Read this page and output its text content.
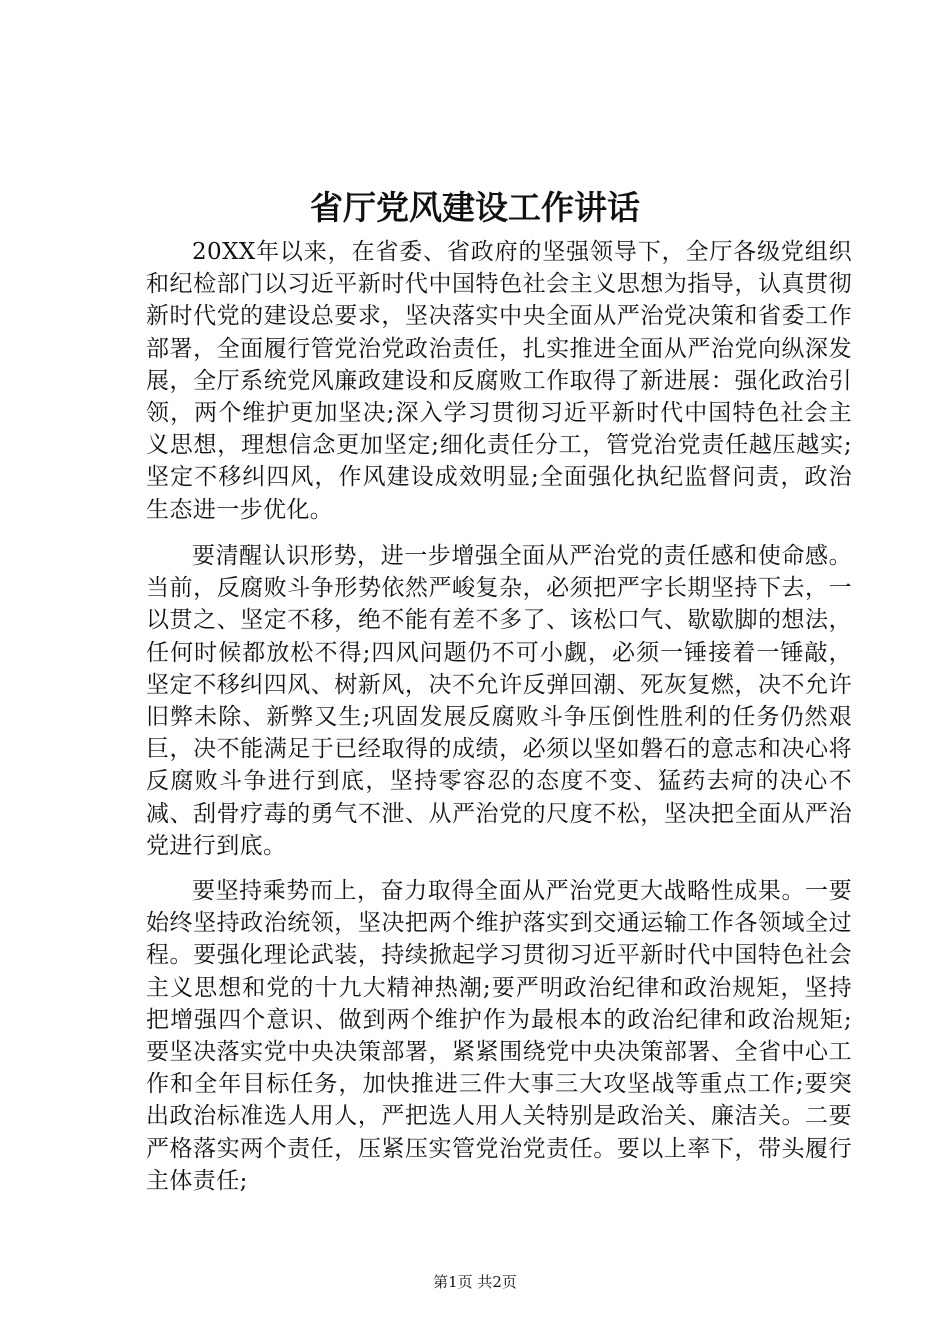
省厅党风建设工作讲话

20XX年以来，在省委、省政府的坚强领导下，全厅各级党组织和纪检部门以习近平新时代中国特色社会主义思想为指导，认真贯彻新时代党的建设总要求，坚决落实中央全面从严治党决策和省委工作部署，全面履行管党治党政治责任，扎实推进全面从严治党向纵深发展，全厅系统党风廉政建设和反腐败工作取得了新进展：强化政治引领，两个维护更加坚决;深入学习贯彻习近平新时代中国特色社会主义思想，理想信念更加坚定;细化责任分工，管党治党责任越压越实;坚定不移纠四风，作风建设成效明显;全面强化执纪监督问责，政治生态进一步优化。

要清醒认识形势，进一步增强全面从严治党的责任感和使命感。当前，反腐败斗争形势依然严峻复杂，必须把严字长期坚持下去，一以贯之、坚定不移，绝不能有差不多了、该松口气、歇歇脚的想法，任何时候都放松不得;四风问题仍不可小觑，必须一锤接着一锤敲，坚定不移纠四风、树新风，决不允许反弹回潮、死灰复燃，决不允许旧弊未除、新弊又生;巩固发展反腐败斗争压倒性胜利的任务仍然艰巨，决不能满足于已经取得的成绩，必须以坚如磐石的意志和决心将反腐败斗争进行到底，坚持零容忍的态度不变、猛药去疴的决心不减、刮骨疗毒的勇气不泄、从严治党的尺度不松，坚决把全面从严治党进行到底。

要坚持乘势而上，奋力取得全面从严治党更大战略性成果。一要始终坚持政治统领，坚决把两个维护落实到交通运输工作各领域全过程。要强化理论武装，持续掀起学习贯彻习近平新时代中国特色社会主义思想和党的十九大精神热潮;要严明政治纪律和政治规矩，坚持把增强四个意识、做到两个维护作为最根本的政治纪律和政治规矩;要坚决落实党中央决策部署，紧紧围绕党中央决策部署、全省中心工作和全年目标任务，加快推进三件大事三大攻坚战等重点工作;要突出政治标准选人用人，严把选人用人关特别是政治关、廉洁关。二要严格落实两个责任，压紧压实管党治党责任。要以上率下，带头履行主体责任;

第1页 共2页
